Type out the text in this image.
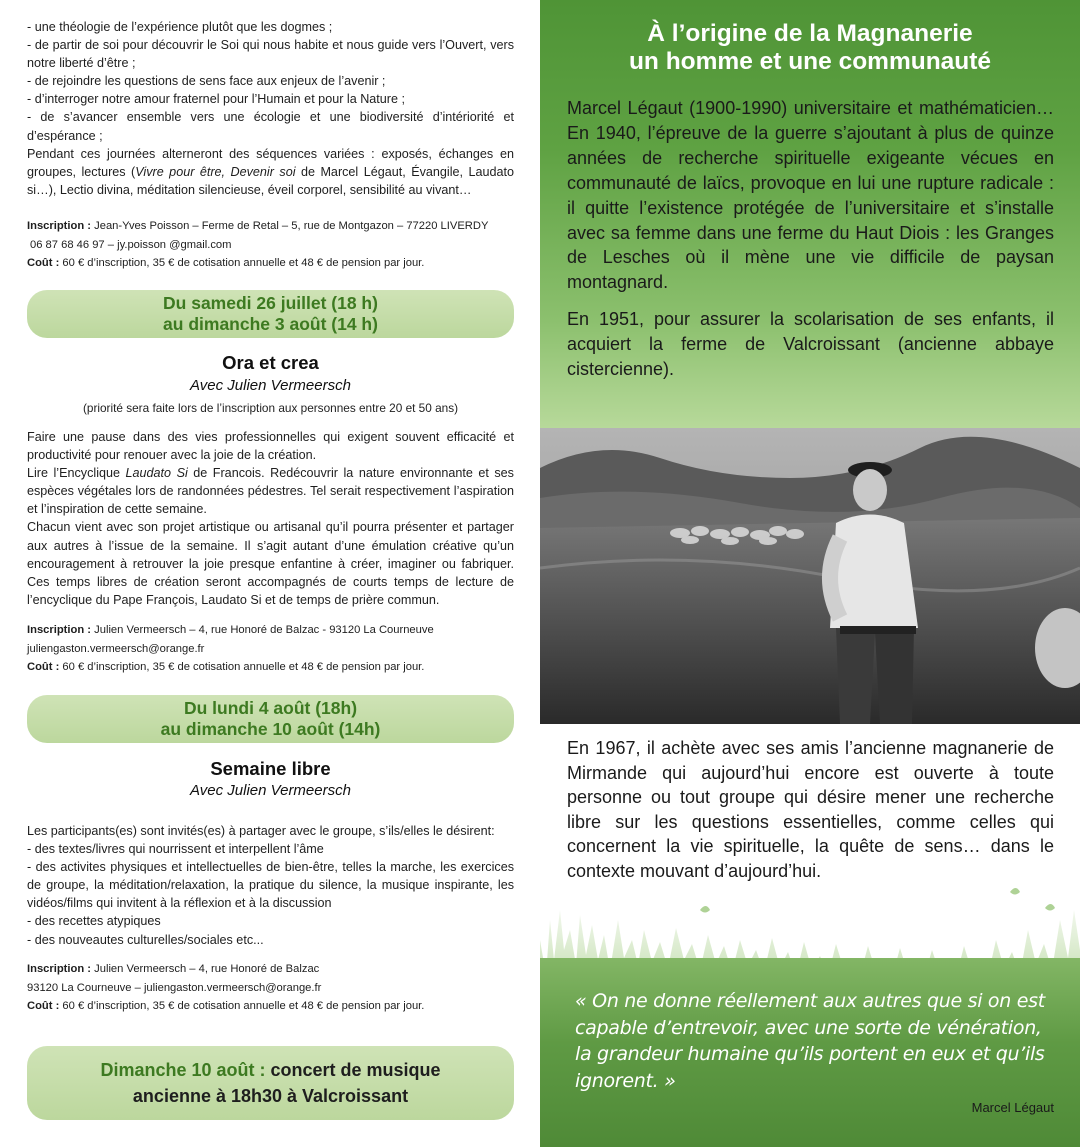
- une théologie de l’expérience plutôt que les dogmes ;

- de partir de soi pour découvrir le Soi qui nous habite et nous guide vers l’Ouvert, vers notre liberté d’être ;

- de rejoindre les questions de sens face aux enjeux de l’avenir ;

- d’interroger notre amour fraternel pour l’Humain et pour la Nature ;

- de s’avancer ensemble vers une écologie et une biodiversité d’intériorité et d’espérance ;

Pendant ces journées alterneront des séquences variées : exposés, échanges en groupes, lectures (Vivre pour être, Devenir soi de Marcel Légaut, Évangile, Laudato si…), Lectio divina, méditation silencieuse, éveil corporel, sensibilité au vivant…

Inscription : Jean-Yves Poisson – Ferme de Retal – 5, rue de Montgazon – 77220 LIVERDY
06 87 68 46 97 – jy.poisson @gmail.com
Coût : 60 € d’inscription, 35 € de cotisation annuelle et 48 € de pension par jour.
Du samedi 26 juillet (18 h)
au dimanche 3 août (14 h)
Ora et crea
Avec Julien Vermeersch
(priorité sera faite lors de l’inscription aux personnes entre 20 et 50 ans)

Faire une pause dans des vies professionnelles qui exigent souvent efficacité et productivité pour renouer avec la joie de la création.

Lire l’Encyclique Laudato Si de Francois. Redécouvrir la nature environnante et ses espèces végétales lors de randonnées pédestres. Tel serait respectivement l’aspiration et l’inspiration de cette semaine.

Chacun vient avec son projet artistique ou artisanal qu’il pourra présenter et partager aux autres à l’issue de la semaine. Il s’agit autant d’une émulation créative qu’un encouragement à retrouver la joie presque enfantine à créer, imaginer ou fabriquer. Ces temps libres de création seront accompagnés de courts temps de lecture de l’encyclique du Pape François, Laudato Si et de temps de prière commun.

Inscription : Julien Vermeersch – 4, rue Honoré de Balzac - 93120 La Courneuve
juliengaston.vermeersch@orange.fr
Coût : 60 € d’inscription, 35 € de cotisation annuelle et 48 € de pension par jour.
Du lundi 4 août (18h)
au dimanche 10 août (14h)
Semaine libre
Avec Julien Vermeersch

Les participants(es) sont invités(es) à partager avec le groupe, s’ils/elles le désirent:

- des textes/livres qui nourrissent et interpellent l’âme

- des activites physiques et intellectuelles de bien-être, telles la marche, les exercices de groupe, la méditation/relaxation, la pratique du silence, la musique inspirante, les vidéos/films qui invitent à la réflexion et à la discussion

- des recettes atypiques

- des nouveautes culturelles/sociales etc...

Inscription : Julien Vermeersch – 4, rue Honoré de Balzac
93120 La Courneuve – juliengaston.vermeersch@orange.fr
Coût : 60 € d’inscription, 35 € de cotisation annuelle et 48 € de pension par jour.
Dimanche 10 août : concert de musique
ancienne à 18h30 à Valcroissant
À l’origine de la Magnanerie
un homme et une communauté

Marcel Légaut (1900-1990) universitaire et mathématicien… En 1940, l’épreuve de la guerre s’ajoutant à plus de quinze années de recherche spirituelle exigeante vécues en communauté de laïcs, provoque en lui une rupture radicale : il quitte l’existence protégée de l’universitaire et s’installe avec sa femme dans une ferme du Haut Diois : les Granges de Lesches où il mène une vie difficile de paysan montagnard.

En 1951, pour assurer la scolarisation de ses enfants, il acquiert la ferme de Valcroissant (ancienne abbaye cistercienne).

En 1967, il achète avec ses amis l’ancienne magnanerie de Mirmande qui aujourd’hui encore est ouverte à toute personne ou tout groupe qui désire mener une recherche libre sur les questions essentielles, comme celles qui concernent la vie spirituelle, la quête de sens… dans le contexte mouvant d’aujourd’hui.
« On ne donne réellement aux autres que si on est capable d’entrevoir, avec une sorte de vénération, la grandeur humaine qu’ils portent en eux et qu’ils ignorent. »
Marcel Légaut
